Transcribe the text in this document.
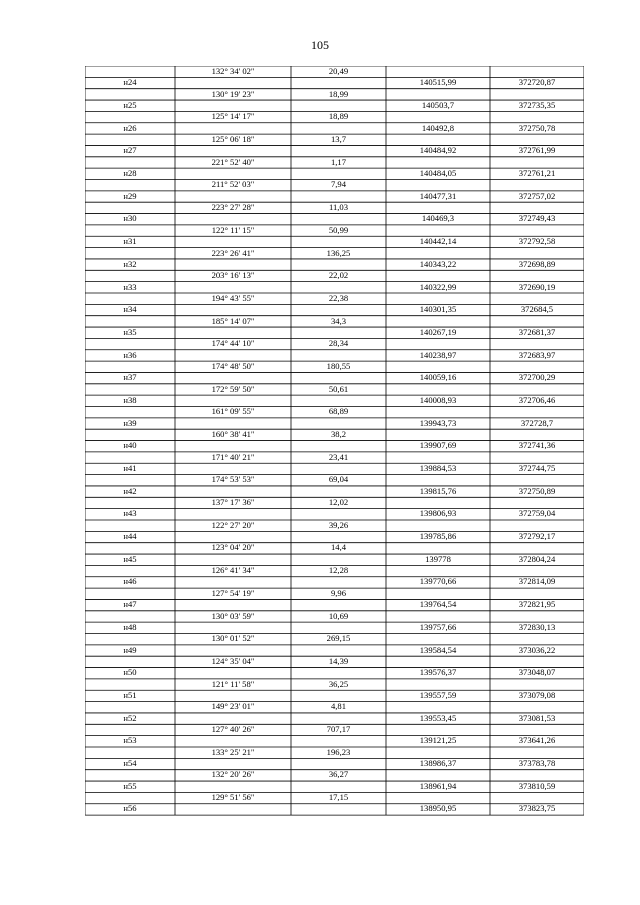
105
132° 34' 02"	20,49
н24	140515,99	372720,87
130° 19' 23"	18,99
н25	140503,7	372735,35
125° 14' 17"	18,89
н26	140492,8	372750,78
125° 06' 18"	13,7
н27	140484,92	372761,99
221° 52' 40"	1,17
н28	140484,05	372761,21
211° 52' 03"	7,94
н29	140477,31	372757,02
223° 27' 28"	11,03
н30	140469,3	372749,43
122° 11' 15"	50,99
н31	140442,14	372792,58
223° 26' 41"	136,25
н32	140343,22	372698,89
203° 16' 13"	22,02
н33	140322,99	372690,19
194° 43' 55"	22,38
н34	140301,35	372684,5
185° 14' 07"	34,3
н35	140267,19	372681,37
174° 44' 10"	28,34
н36	140238,97	372683,97
174° 48' 50"	180,55
н37	140059,16	372700,29
172° 59' 50"	50,61
н38	140008,93	372706,46
161° 09' 55"	68,89
н39	139943,73	372728,7
160° 38' 41"	38,2
н40	139907,69	372741,36
171° 40' 21"	23,41
н41	139884,53	372744,75
174° 53' 53"	69,04
н42	139815,76	372750,89
137° 17' 36"	12,02
н43	139806,93	372759,04
122° 27' 20"	39,26
н44	139785,86	372792,17
123° 04' 20"	14,4
н45	139778	372804,24
126° 41' 34"	12,28
н46	139770,66	372814,09
127° 54' 19"	9,96
н47	139764,54	372821,95
130° 03' 59"	10,69
н48	139757,66	372830,13
130° 01' 52"	269,15
н49	139584,54	373036,22
124° 35' 04"	14,39
н50	139576,37	373048,07
121° 11' 58"	36,25
н51	139557,59	373079,08
149° 23' 01"	4,81
н52	139553,45	373081,53
127° 40' 26"	707,17
н53	139121,25	373641,26
133° 25' 21"	196,23
н54	138986,37	373783,78
132° 20' 26"	36,27
н55	138961,94	373810,59
129° 51' 56"	17,15
н56	138950,95	373823,75
